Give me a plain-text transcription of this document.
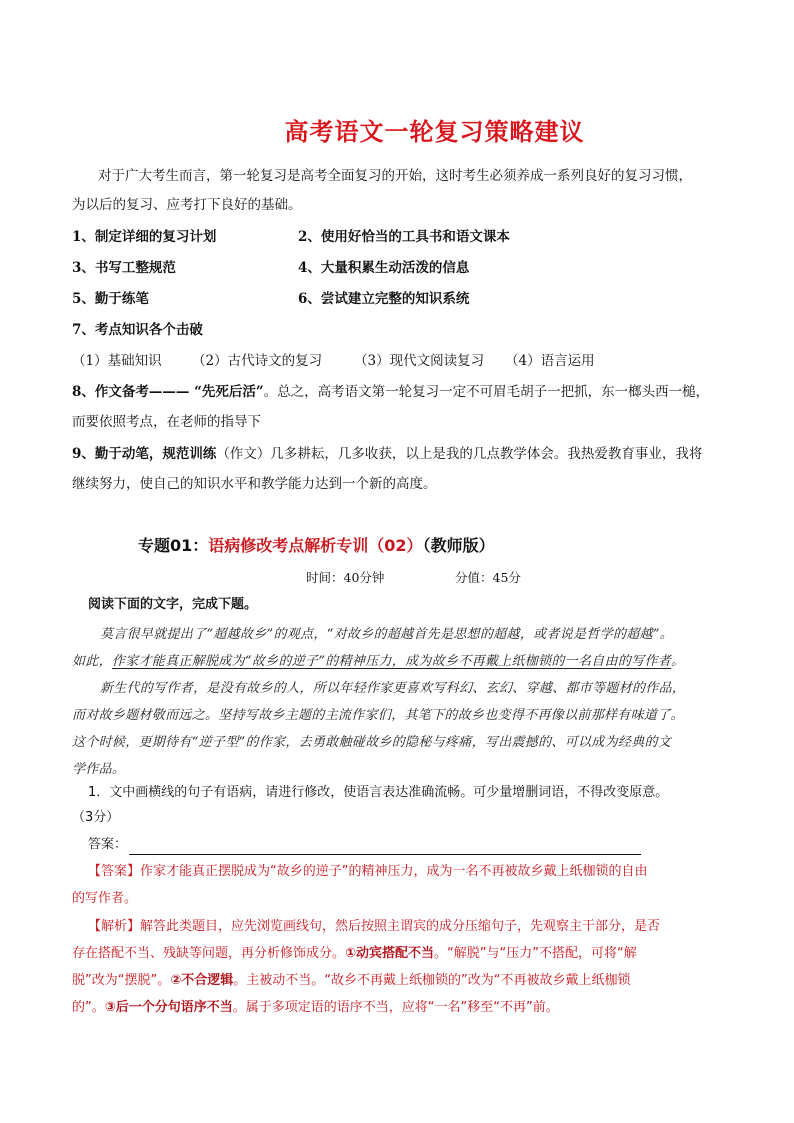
高考语文一轮复习策略建议
对于广大考生而言，第一轮复习是高考全面复习的开始，这时考生必须养成一系列良好的复习习惯，
为以后的复习、应考打下良好的基础。
1、制定详细的复习计划	2、使用好恰当的工具书和语文课本
3、书写工整规范	4、大量积累生动活泼的信息
5、勤于练笔	6、尝试建立完整的知识系统
7、考点知识各个击破
（1）基础知识 （2）古代诗文的复习 （3）现代文阅读复习 （4）语言运用
8、作文备考——— “先死后活”。总之，高考语文第一轮复习一定不可眉毛胡子一把抓，东一榔头西一槌，
而要依照考点，在老师的指导下
9、勤于动笔，规范训练（作文）几多耕耘，几多收获，以上是我的几点教学体会。我热爱教育事业，我将
继续努力，使自己的知识水平和教学能力达到一个新的高度。
专题01：语病修改考点解析专训（02）（教师版）
时间：40分钟	分值：45分
阅读下面的文字，完成下题。
莫言很早就提出了“超越故乡”的观点，“对故乡的超越首先是思想的超越，或者说是哲学的超越”。
如此，作家才能真正解脱成为“故乡的逆子”的精神压力，成为故乡不再戴上纸枷锁的一名自由的写作者。
新生代的写作者，是没有故乡的人，所以年轻作家更喜欢写科幻、玄幻、穿越、都市等题材的作品，
而对故乡题材敬而远之。坚持写故乡主题的主流作家们，其笔下的故乡也变得不再像以前那样有味道了。
这个时候，更期待有“逆子型”的作家，去勇敢触碰故乡的隐秘与疼痛，写出震撼的、可以成为经典的文
学作品。
1．文中画横线的句子有语病，请进行修改，使语言表达准确流畅。可少量增删词语，不得改变原意。
（3分）
答案：
【答案】作家才能真正摆脱成为“故乡的逆子”的精神压力，成为一名不再被故乡戴上纸枷锁的自由
的写作者。
【解析】解答此类题目，应先浏览画线句，然后按照主谓宾的成分压缩句子，先观察主干部分，是否
存在搭配不当、残缺等问题，再分析修饰成分。①动宾搭配不当。“解脱”与“压力”不搭配，可将“解
脱”改为“摆脱”。②不合逻辑。主被动不当。“故乡不再戴上纸枷锁的”改为“不再被故乡戴上纸枷锁
的”。③后一个分句语序不当。属于多项定语的语序不当，应将“一名”移至“不再”前。
